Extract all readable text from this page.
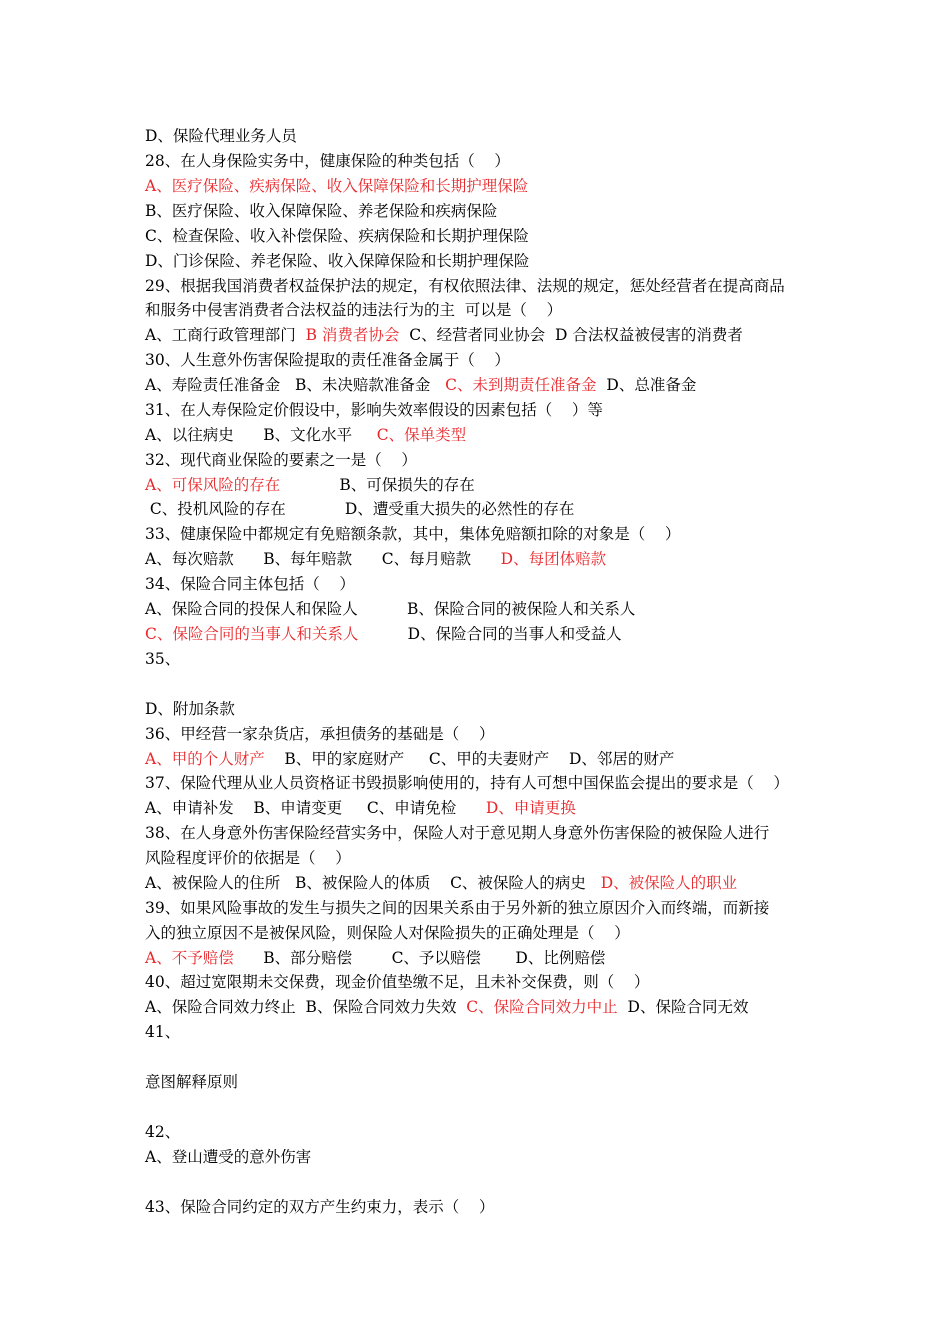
D、保险代理业务人员
28、在人身保险实务中，健康保险的种类包括（    ）
A、医疗保险、疾病保险、收入保障保险和长期护理保险
B、医疗保险、收入保障保险、养老保险和疾病保险
C、检查保险、收入补偿保险、疾病保险和长期护理保险
D、门诊保险、养老保险、收入保障保险和长期护理保险
29、根据我国消费者权益保护法的规定，有权依照法律、法规的规定，惩处经营者在提高商品
和服务中侵害消费者合法权益的违法行为的主  可以是（    ）
A、工商行政管理部门  B 消费者协会  C、经营者同业协会  D 合法权益被侵害的消费者
30、人生意外伤害保险提取的责任准备金属于（    ）
A、寿险责任准备金   B、未决赔款准备金   C、未到期责任准备金  D、总准备金
31、在人寿保险定价假设中，影响失效率假设的因素包括（    ）等
A、以往病史      B、文化水平     C、保单类型
32、现代商业保险的要素之一是（    ）
A、可保风险的存在            B、可保损失的存在
C、投机风险的存在            D、遭受重大损失的必然性的存在
33、健康保险中都规定有免赔额条款，其中，集体免赔额扣除的对象是（    ）
A、每次赔款      B、每年赔款      C、每月赔款      D、每团体赔款
34、保险合同主体包括（    ）
A、保险合同的投保人和保险人          B、保险合同的被保险人和关系人
C、保险合同的当事人和关系人          D、保险合同的当事人和受益人
35、
D、附加条款
36、甲经营一家杂货店，承担债务的基础是（    ）
A、甲的个人财产    B、甲的家庭财产     C、甲的夫妻财产    D、邻居的财产
37、保险代理从业人员资格证书毁损影响使用的，持有人可想中国保监会提出的要求是（    ）
A、申请补发    B、申请变更     C、申请免检      D、申请更换
38、在人身意外伤害保险经营实务中，保险人对于意见期人身意外伤害保险的被保险人进行
风险程度评价的依据是（    ）
A、被保险人的住所   B、被保险人的体质    C、被保险人的病史   D、被保险人的职业
39、如果风险事故的发生与损失之间的因果关系由于另外新的独立原因介入而终端，而新接
入的独立原因不是被保风险，则保险人对保险损失的正确处理是（    ）
A、不予赔偿      B、部分赔偿        C、予以赔偿       D、比例赔偿
40、超过宽限期未交保费，现金价值垫缴不足，且未补交保费，则（    ）
A、保险合同效力终止  B、保险合同效力失效  C、保险合同效力中止  D、保险合同无效
41、
意图解释原则
42、
A、登山遭受的意外伤害
43、保险合同约定的双方产生约束力，表示（    ）
